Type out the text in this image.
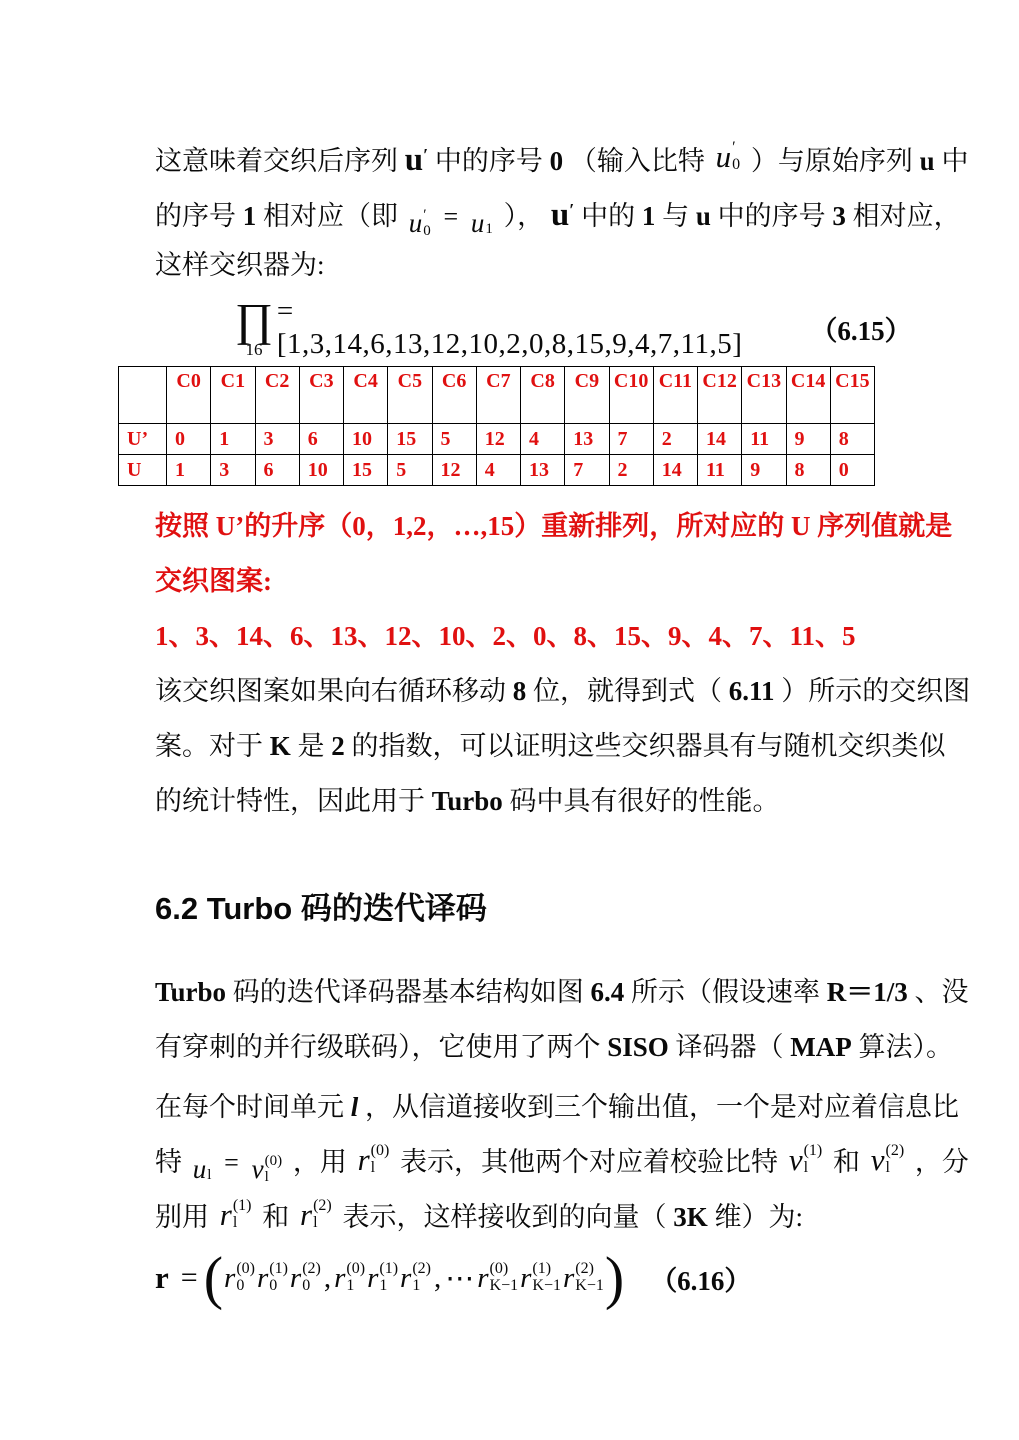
这意味着交织后序列 u′ 中的序号 0 （输入比特 u ′
0 ）与原始序列 u 中
的序号 1 相对应（即 u ′
0 = u 1 ）， u′ 中的 1 与 u 中的序号 3 相对应，
这样交织器为:
∏
16
= [1,3,14,6,13,12,10,2,0,8,15,9,4,7,11,5]	（6.15）
	C0	C1	C2	C3	C4	C5	C6	C7	C8	C9	C10	C11	C12	C13	C14	C15
U’	0	1	3	6	10	15	5	12	4	13	7	2	14	11	9	8
U	1	3	6	10	15	5	12	4	13	7	2	14	11	9	8	0
按照 U’的升序（0，1,2，…,15）重新排列，所对应的 U 序列值就是
交织图案:
1、3、14、6、13、12、10、2、0、8、15、9、4、7、11、5
该交织图案如果向右循环移动 8 位，就得到式（ 6.11 ）所示的交织图
案。对于 K 是 2 的指数，可以证明这些交织器具有与随机交织类似
的统计特性，因此用于 Turbo 码中具有很好的性能。
6.2 Turbo 码的迭代译码
Turbo 码的迭代译码器基本结构如图 6.4 所示（假设速率 R＝1/3 、没
有穿刺的并行级联码），它使用了两个 SISO 译码器（ MAP 算法）。
在每个时间单元 l ，从信道接收到三个输出值，一个是对应着信息比
特 u l = v (0)
l ，用 r (0)
l 表示，其他两个对应着校验比特 v (1)
l 和 v (2)
l ，分
别用 r (1)
l 和 r (2)
l 表示，这样接收到的向量（ 3K 维）为:
r = ( r (0)
0 r (1)
0 r (2)
0 , r (0)
1 r (1)
1 r (2)
1 , ⋯ r (0)
K−1 r (1)
K−1 r (2)
K−1 ) （6.16）
